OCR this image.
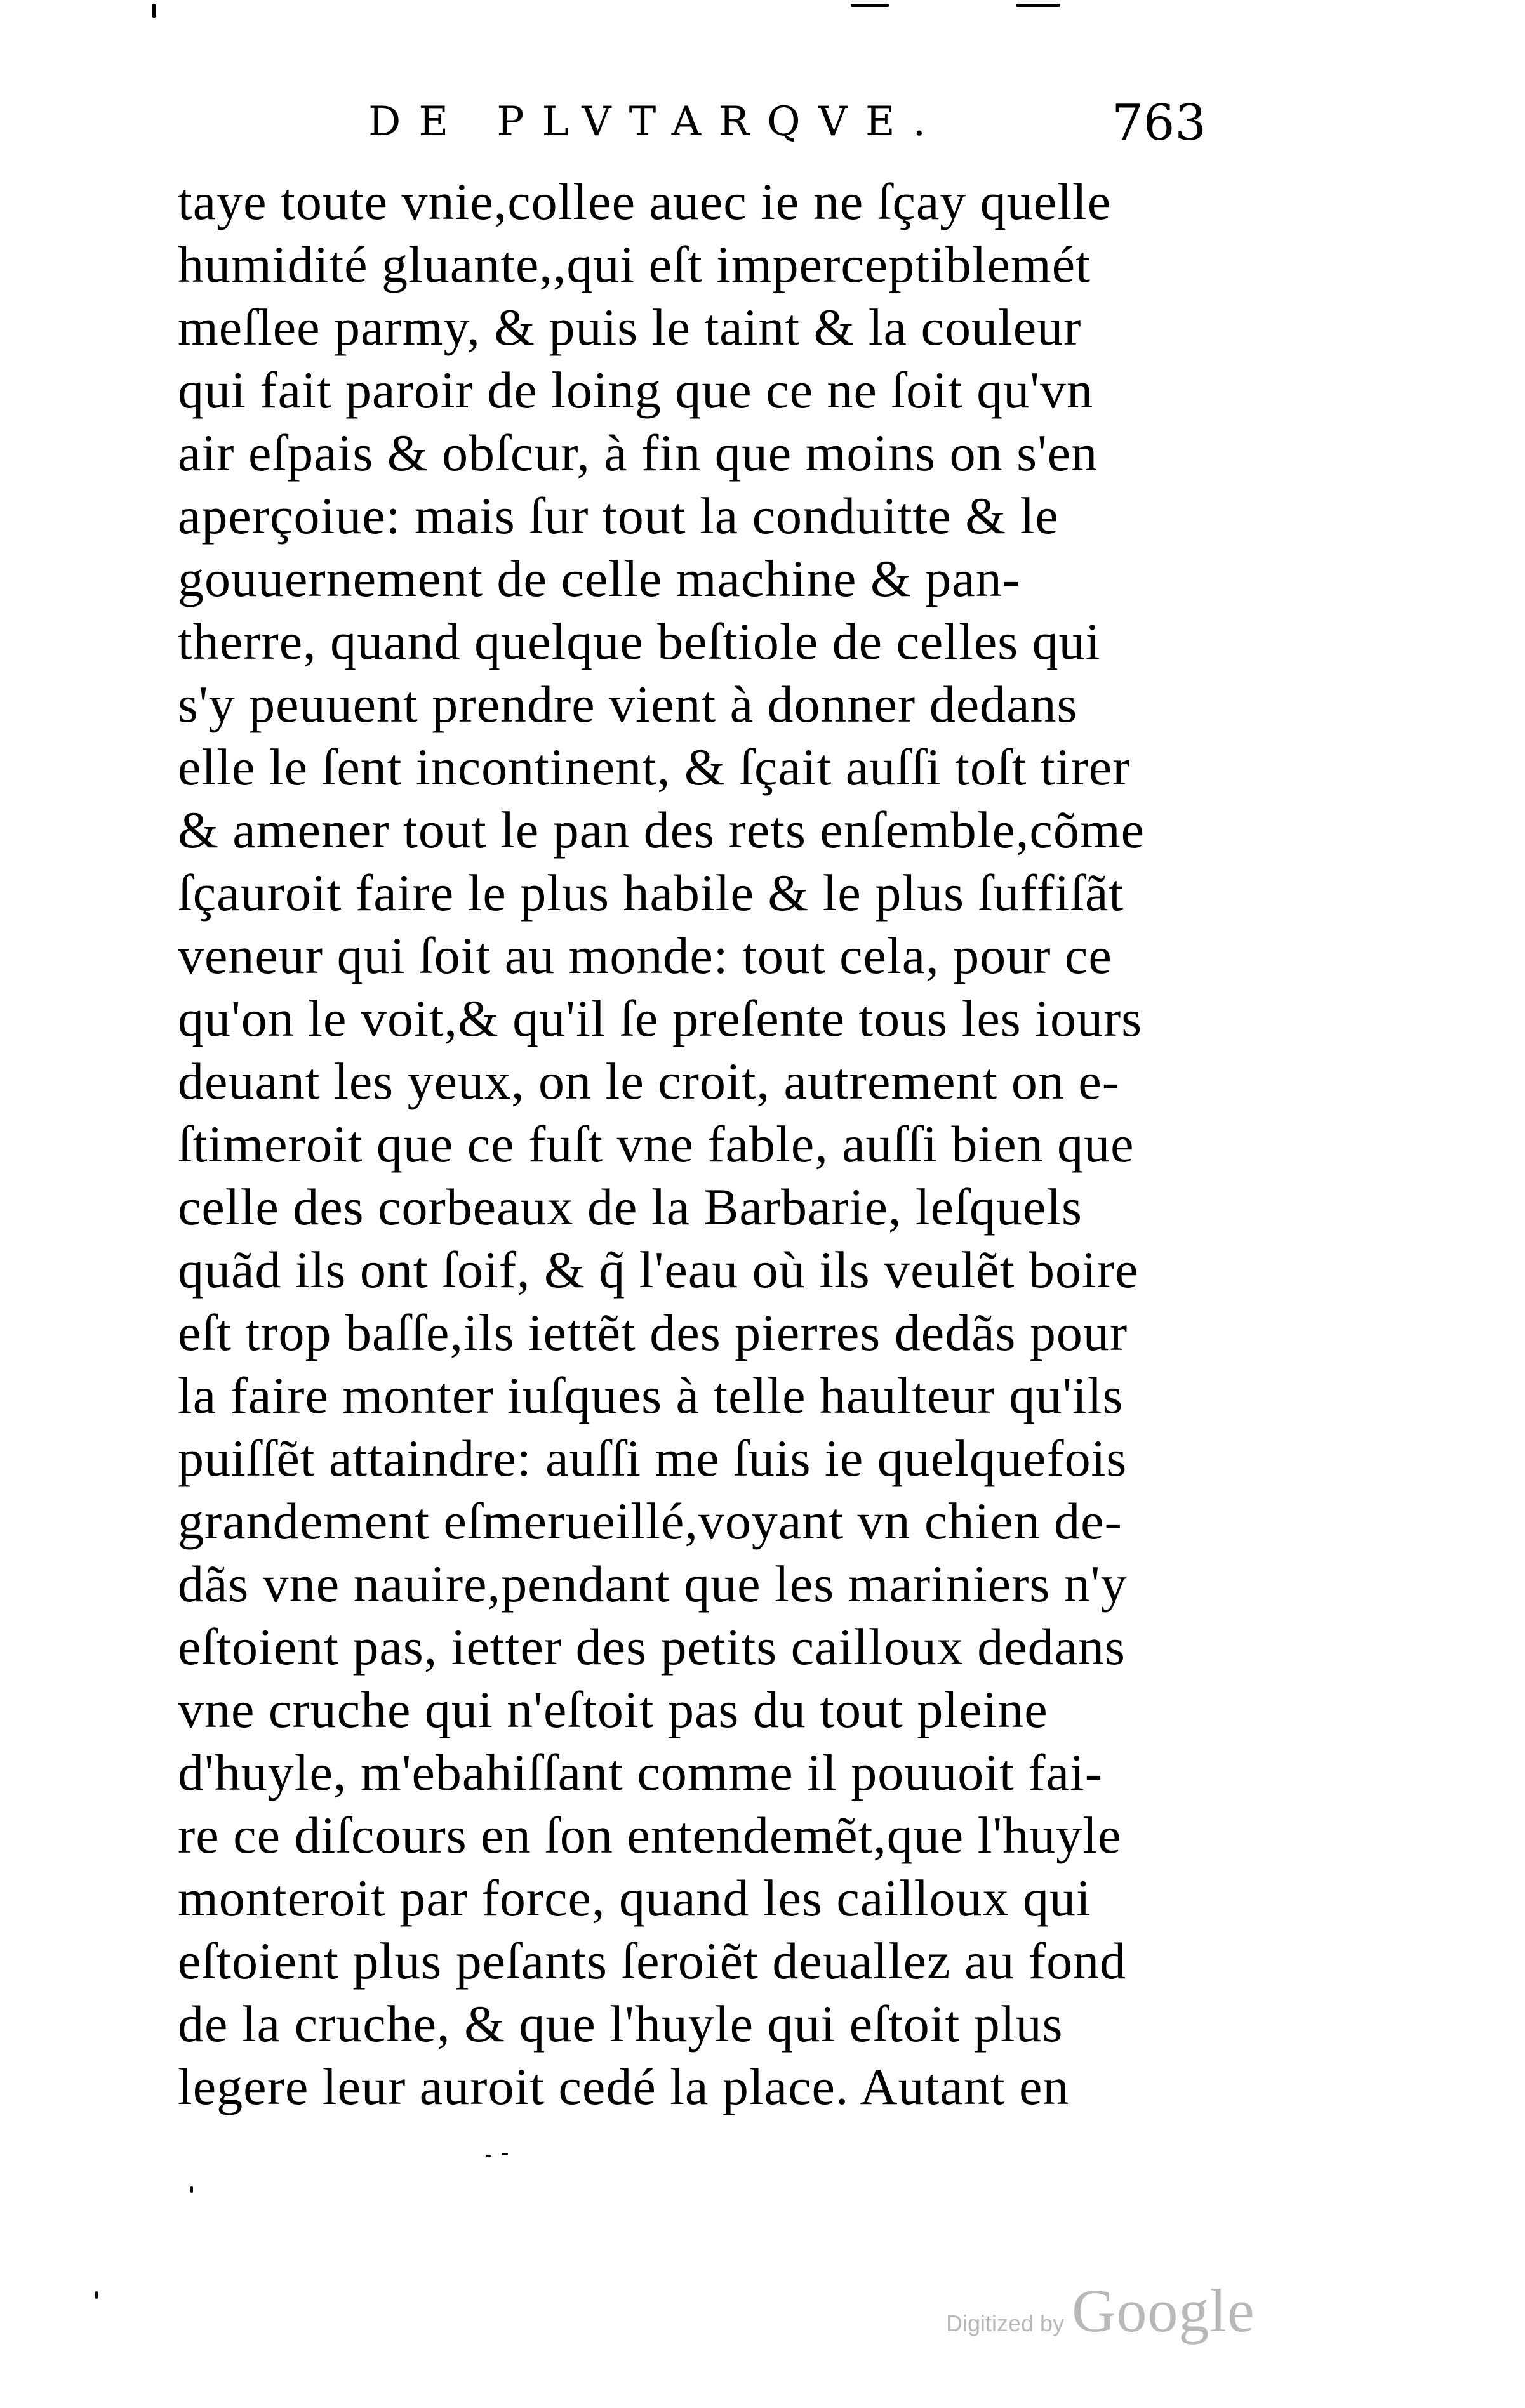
DE PLVTARQVE.	763
taye toute vnie,collee auec ie ne ſçay quelle
humidité gluante,,qui eſt imperceptiblemét
meſlee parmy, & puis le taint & la couleur
qui fait paroir de loing que ce ne ſoit qu'vn
air eſpais & obſcur, à fin que moins on s'en
aperçoiue: mais ſur tout la conduitte & le
gouuernement de celle machine & pan-
therre, quand quelque beſtiole de celles qui
s'y peuuent prendre vient à donner dedans
elle le ſent incontinent, & ſçait auſſi toſt tirer
& amener tout le pan des rets enſemble,cõme
ſçauroit faire le plus habile & le plus ſuffiſãt
veneur qui ſoit au monde: tout cela, pour ce
qu'on le voit,& qu'il ſe preſente tous les iours
deuant les yeux, on le croit, autrement on e-
ſtimeroit que ce fuſt vne fable, auſſi bien que
celle des corbeaux de la Barbarie, leſquels
quãd ils ont ſoif, & q̃ l'eau où ils veulẽt boire
eſt trop baſſe,ils iettẽt des pierres dedãs pour
la faire monter iuſques à telle haulteur qu'ils
puiſſẽt attaindre: auſſi me ſuis ie quelquefois
grandement eſmerueillé,voyant vn chien de-
dãs vne nauire,pendant que les mariniers n'y
eſtoient pas, ietter des petits cailloux dedans
vne cruche qui n'eſtoit pas du tout pleine
d'huyle, m'ebahiſſant comme il pouuoit fai-
re ce diſcours en ſon entendemẽt,que l'huyle
monteroit par force, quand les cailloux qui
eſtoient plus peſants ſeroiẽt deuallez au fond
de la cruche, & que l'huyle qui eſtoit plus
legere leur auroit cedé la place. Autant en
Digitized by Google
